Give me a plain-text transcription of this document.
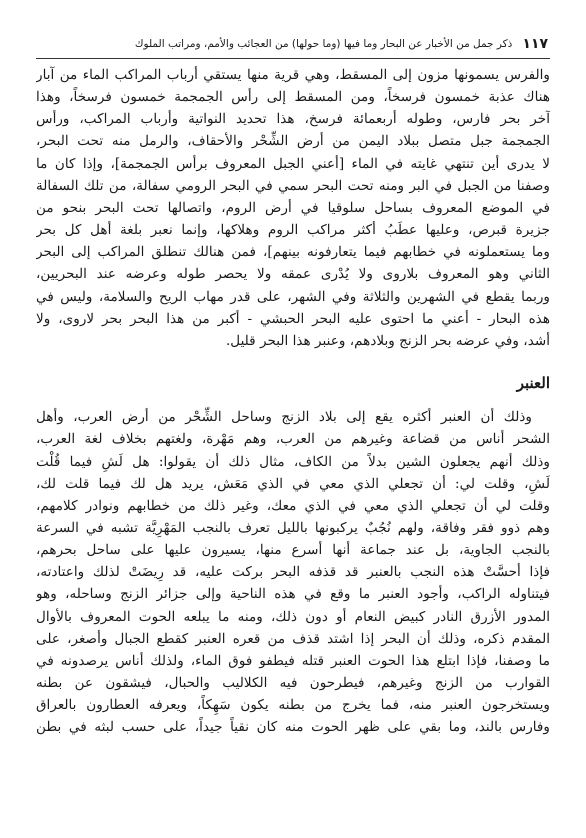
١١٧
ذكر جمل من الأخبار عن البحار وما فيها (وما حولها) من العجائب والأمم، ومراتب الملوك
والفرس يسمونها مزون إلى المسقط، وهي قرية منها يستقي أرباب المراكب الماء من آبار
هناك عذبة خمسون فرسخاً، ومن المسقط إلى رأس الجمجمة خمسون فرسخاً، وهذا
آخر بحر فارس، وطوله أربعمائة فرسخ، هذا تحديد النواتية وأرباب المراكب، ورأس
الجمجمة جبل متصل ببلاد اليمن من أرض الشِّحْر والأحقاف، والرمل منه تحت البحر،
لا يدرى أين تنتهي غايته في الماء [أعني الجبل المعروف برأس الجمجمة]، وإذا كان ما
وصفنا من الجبل في البر ومنه تحت البحر سمي في البحر الرومي سفالة، من تلك السفالة
في الموضع المعروف بساحل سلوقيا في أرض الروم، واتصالها تحت البحر بنحو من
جزيرة قبرص، وعليها عطَبُ أكثر مراكب الروم وهلاكها، وإنما نعبر بلغة أهل كل بحر
وما يستعملونه في خطابهم فيما يتعارفونه بينهم]، فمن هنالك تنطلق المراكب إلى البحر
الثاني وهو المعروف بلاروى ولا يُدْرى عمقه ولا يحصر طوله وعرضه عند البحريين،
وربما يقطع في الشهرين والثلاثة وفي الشهر، على قدر مهاب الريح والسلامة، وليس في
هذه البحار - أعني ما احتوى عليه البحر الحبشي - أكبر من هذا البحر بحر لاروى، ولا
أشد، وفي عرضه بحر الزنج وبلادهم، وعنبر هذا البحر قليل.
العنبر
وذلك أن العنبر أكثره يقع إلى بلاد الزنج وساحل الشِّحْر من أرض العرب، وأهل
الشحر أناس من قضاعة وغيرهم من العرب، وهم مَهْرة، ولغتهم بخلاف لغة العرب،
وذلك أنهم يجعلون الشين بدلاً من الكاف، مثال ذلك أن يقولوا: هل لَشِ فيما قُلْت
لَشِ، وقلت لي: أن تجعلي الذي معي في الذي مَعَش، يريد هل لك فيما قلت لك،
وقلت لي أن تجعلي الذي معي في الذي معك، وغير ذلك من خطابهم ونوادر كلامهم،
وهم ذوو فقر وفاقة، ولهم نُجُبٌ يركبونها بالليل تعرف بالنجب المَهْرِيَّة تشبه في السرعة
بالنجب الجاوية، بل عند جماعة أنها أسرع منها، يسيرون عليها على ساحل بحرهم،
فإذا أحسَّتْ هذه النجب بالعنبر قد قذفه البحر بركت عليه، قد رِيضَتْ لذلك واعتادته،
فيتناوله الراكب، وأجود العنبر ما وقع في هذه الناحية وإلى جزائر الزنج وساحله، وهو
المدور الأزرق النادر كبيض النعام أو دون ذلك، ومنه ما يبلعه الحوت المعروف بالأوال
المقدم ذكره، وذلك أن البحر إذا اشتد قذف من قعره العنبر كقطع الجبال وأصغر، على
ما وصفنا، فإذا ابتلع هذا الحوت العنبر قتله فيطفو فوق الماء، ولذلك أناس يرصدونه في
القوارب من الزنج وغيرهم، فيطرحون فيه الكلاليب والحبال، فيشقون عن بطنه
ويستخرجون العنبر منه، فما يخرج من بطنه يكون سَهِكاً، ويعرفه العطارون بالعراق
وفارس بالند، وما بقي على ظهر الحوت منه كان نقياً جيداً، على حسب لبثه في بطن
